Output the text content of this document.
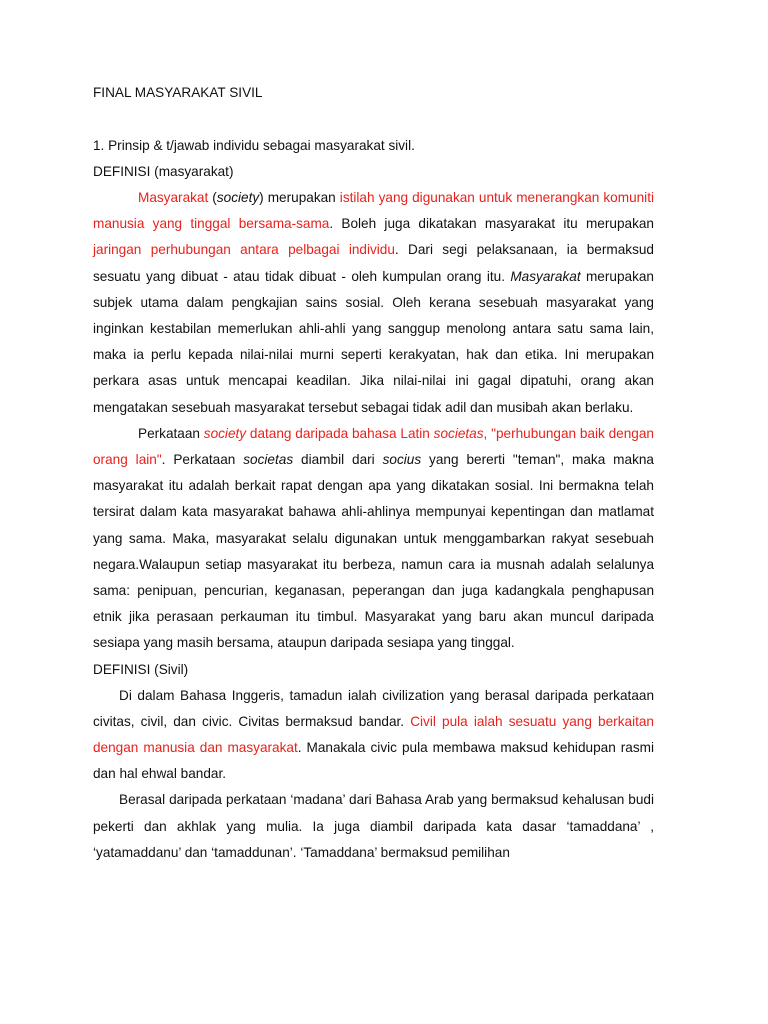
FINAL MASYARAKAT SIVIL

1. Prinsip & t/jawab individu sebagai masyarakat sivil.

DEFINISI (masyarakat)

Masyarakat (society) merupakan istilah yang digunakan untuk menerangkan komuniti manusia yang tinggal bersama-sama. Boleh juga dikatakan masyarakat itu merupakan jaringan perhubungan antara pelbagai individu. Dari segi pelaksanaan, ia bermaksud sesuatu yang dibuat - atau tidak dibuat - oleh kumpulan orang itu. Masyarakat merupakan subjek utama dalam pengkajian sains sosial. Oleh kerana sesebuah masyarakat yang inginkan kestabilan memerlukan ahli-ahli yang sanggup menolong antara satu sama lain, maka ia perlu kepada nilai-nilai murni seperti kerakyatan, hak dan etika. Ini merupakan perkara asas untuk mencapai keadilan. Jika nilai-nilai ini gagal dipatuhi, orang akan mengatakan sesebuah masyarakat tersebut sebagai tidak adil dan musibah akan berlaku.

Perkataan society datang daripada bahasa Latin societas, "perhubungan baik dengan orang lain". Perkataan societas diambil dari socius yang bererti "teman", maka makna masyarakat itu adalah berkait rapat dengan apa yang dikatakan sosial. Ini bermakna telah tersirat dalam kata masyarakat bahawa ahli-ahlinya mempunyai kepentingan dan matlamat yang sama. Maka, masyarakat selalu digunakan untuk menggambarkan rakyat sesebuah negara.Walaupun setiap masyarakat itu berbeza, namun cara ia musnah adalah selalunya sama: penipuan, pencurian, keganasan, peperangan dan juga kadangkala penghapusan etnik jika perasaan perkauman itu timbul. Masyarakat yang baru akan muncul daripada sesiapa yang masih bersama, ataupun daripada sesiapa yang tinggal.

DEFINISI (Sivil)

Di dalam Bahasa Inggeris, tamadun ialah civilization yang berasal daripada perkataan civitas, civil, dan civic. Civitas bermaksud bandar. Civil pula ialah sesuatu yang berkaitan dengan manusia dan masyarakat. Manakala civic pula membawa maksud kehidupan rasmi dan hal ehwal bandar.

Berasal daripada perkataan ‘madana’ dari Bahasa Arab yang bermaksud kehalusan budi pekerti dan akhlak yang mulia. Ia juga diambil daripada kata dasar ‘tamaddana’ , ‘yatamaddanu’ dan ‘tamaddunan’. ‘Tamaddana’ bermaksud pemilihan
